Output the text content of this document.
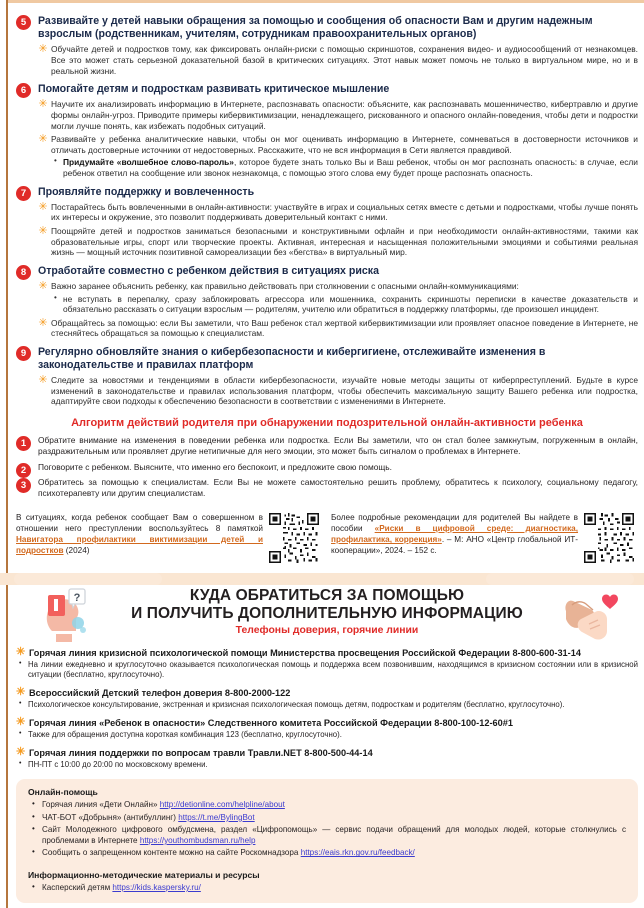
5	Развивайте у детей навыки обращения за помощью и сообщения об опасности Вам и другим надежным взрослым (родственникам, учителям, сотрудникам правоохранительных органов)
✳ Обучайте детей и подростков тому, как фиксировать онлайн-риски с помощью скриншотов, сохранения видео- и аудиосообщений от незнакомцев. Все это может стать серьезной доказательной базой в критических ситуациях. Этот навык может помочь не только в виртуальном мире, но и в реальной жизни.
6	Помогайте детям и подросткам развивать критическое мышление
✳ Научите их анализировать информацию в Интернете, распознавать опасности: объясните, как распознавать мошенничество, кибертравлю и другие формы онлайн-угроз. Приводите примеры кибервиктимизации, ненадлежащего, рискованного и опасного онлайн-поведения, чтобы дети и подростки могли лучше понять, как избежать подобных ситуаций.
✳ Развивайте у ребенка аналитические навыки, чтобы он мог оценивать информацию в Интернете, сомневаться в достоверности источников и отличать достоверные источники от недостоверных. Расскажите, что не вся информация в Сети является правдивой.
• Придумайте «волшебное слово-пароль», которое будете знать только Вы и Ваш ребенок, чтобы он мог распознать опасность: в случае, если ребенок ответил на сообщение или звонок незнакомца, с помощью этого слова ему будет проще распознать опасность.
7	Проявляйте поддержку и вовлеченность
✳ Постарайтесь быть вовлеченными в онлайн-активности: участвуйте в играх и социальных сетях вместе с детьми и подростками, чтобы лучше понять их интересы и окружение, это позволит поддерживать доверительный контакт с ними.
✳ Поощряйте детей и подростков заниматься безопасными и конструктивными офлайн и при необходимости онлайн-активностями, такими как образовательные игры, спорт или творческие проекты. Активная, интересная и насыщенная положительными эмоциями и событиями реальная жизнь — мощный источник позитивной самореализации без «бегства» в виртуальный мир.
8	Отработайте совместно с ребенком действия в ситуациях риска
✳ Важно заранее объяснить ребенку, как правильно действовать при столкновении с опасными онлайн-коммуникациями:
• не вступать в перепалку, сразу заблокировать агрессора или мошенника, сохранить скриншоты переписки в качестве доказательств и обязательно рассказать о ситуации взрослым — родителям, учителю или обратиться в поддержку платформы, где произошел инцидент.
✳ Обращайтесь за помощью: если Вы заметили, что Ваш ребенок стал жертвой кибервиктимизации или проявляет опасное поведение в Интернете, не стесняйтесь обращаться за помощью к специалистам.
9	Регулярно обновляйте знания о кибербезопасности и кибергигиене, отслеживайте изменения в законодательстве и правилах платформ
✳ Следите за новостями и тенденциями в области кибербезопасности, изучайте новые методы защиты от киберпреступлений. Будьте в курсе изменений в законодательстве и правилах использования платформ, чтобы обеспечить максимальную защиту Вашего ребенка или подростка, адаптируйте свои подходы к обеспечению безопасности в соответствии с изменениями в Интернете.
Алгоритм действий родителя при обнаружении подозрительной онлайн-активности ребенка
1	Обратите внимание на изменения в поведении ребенка или подростка. Если Вы заметили, что он стал более замкнутым, погруженным в онлайн, раздражительным или проявляет другие нетипичные для него эмоции, это может быть сигналом о проблемах в Интернете.
2	Поговорите с ребенком. Выясните, что именно его беспокоит, и предложите свою помощь.
3	Обратитесь за помощью к специалистам. Если Вы не можете самостоятельно решить проблему, обратитесь к психологу, социальному педагогу, психотерапевту или другим специалистам.
В ситуациях, когда ребенок сообщает Вам о совершенном в отношении него преступлении воспользуйтесь 8 памяткой Навигатора профилактики виктимизации детей и подростков (2024)
Более подробные рекомендации для родителей Вы найдете в пособии «Риски в цифровой среде: диагностика, профилактика, коррекция». – М: АНО «Центр глобальной ИТ-кооперации», 2024. – 152 с.
?	КУДА ОБРАТИТЬСЯ ЗА ПОМОЩЬЮ
И ПОЛУЧИТЬ ДОПОЛНИТЕЛЬНУЮ ИНФОРМАЦИЮ
Телефоны доверия, горячие линии
✳ Горячая линия кризисной психологической помощи Министерства просвещения Российской Федерации 8-800-600-31-14
• На линии ежедневно и круглосуточно оказывается психологическая помощь и поддержка всем позвонившим, находящимся в кризисном состоянии или в кризисной ситуации (бесплатно, круглосуточно).
✳ Всероссийский Детский телефон доверия 8-800-2000-122
• Психологическое консультирование, экстренная и кризисная психологическая помощь детям, подросткам и родителям (бесплатно, круглосуточно).
✳ Горячая линия «Ребенок в опасности» Следственного комитета Российской Федерации 8-800-100-12-60#1
• Также для обращения доступна короткая комбинация 123 (бесплатно, круглосуточно).
✳ Горячая линия поддержки по вопросам травли Травли.NET 8-800-500-44-14
• ПН-ПТ с 10:00 до 20:00 по московскому времени.
Онлайн-помощь
• Горячая линия «Дети Онлайн» http://detionline.com/helpline/about
• ЧАТ-БОТ «Добрыня» (антибуллинг) https://t.me/BylingBot
• Сайт Молодежного цифрового омбудсмена, раздел «Цифропомощь» — сервис подачи обращений для молодых людей, которые столкнулись с проблемами в Интернете https://youthombudsman.ru/help
• Сообщить о запрещенном контенте можно на сайте Роскомнадзора https://eais.rkn.gov.ru/feedback/
Информационно-методические материалы и ресурсы
• Касперский детям https://kids.kaspersky.ru/
